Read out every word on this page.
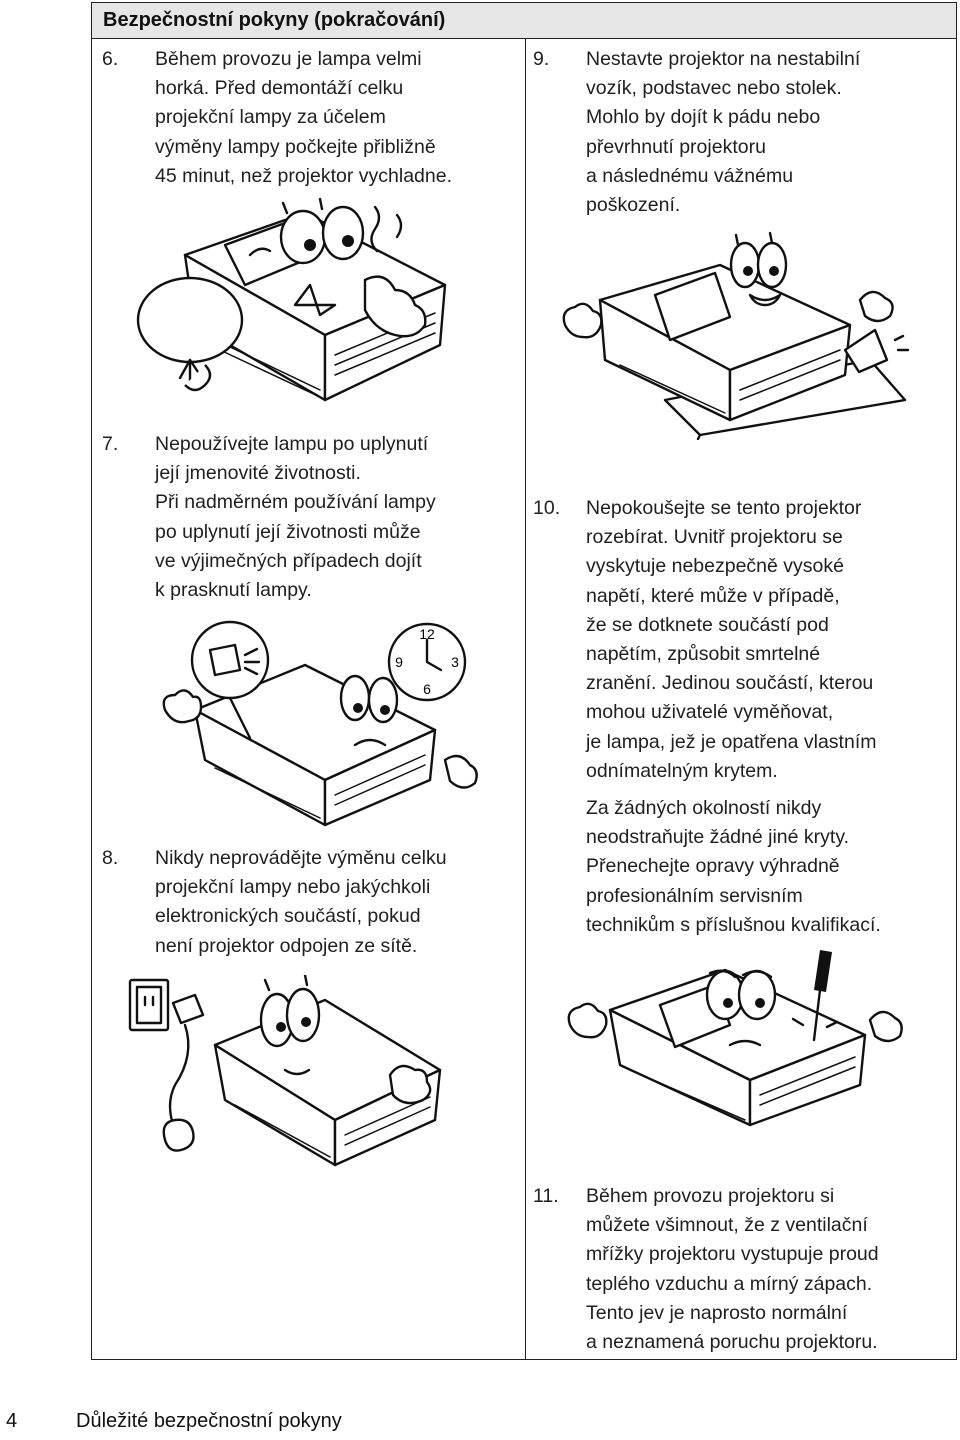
Bezpečnostní pokyny (pokračování)
6. Během provozu je lampa velmi
horká. Před demontáží celku
projekční lampy za účelem
výměny lampy počkejte přibližně
45 minut, než projektor vychladne.
7. Nepoužívejte lampu po uplynutí
její jmenovité životnosti.
Při nadměrném používání lampy
po uplynutí její životnosti může
ve výjimečných případech dojít
k prasknutí lampy.
8. Nikdy neprovádějte výměnu celku
projekční lampy nebo jakýchkoli
elektronických součástí, pokud
není projektor odpojen ze sítě.
9. Nestavte projektor na nestabilní
vozík, podstavec nebo stolek.
Mohlo by dojít k pádu nebo
převrhnutí projektoru
a následnému vážnému
poškození.
10. Nepokoušejte se tento projektor
rozebírat. Uvnitř projektoru se
vyskytuje nebezpečně vysoké
napětí, které může v případě,
že se dotknete součástí pod
napětím, způsobit smrtelné
zranění. Jedinou součástí, kterou
mohou uživatelé vyměňovat,
je lampa, jež je opatřena vlastním
odnímatelným krytem.
Za žádných okolností nikdy
neodstraňujte žádné jiné kryty.
Přenechejte opravy výhradně
profesionálním servisním
technikům s příslušnou kvalifikací.
11. Během provozu projektoru si
můžete všimnout, že z ventilační
mřížky projektoru vystupuje proud
teplého vzduchu a mírný zápach.
Tento jev je naprosto normální
a neznamená poruchu projektoru.
12
3
6
9
4	Důležité bezpečnostní pokyny
